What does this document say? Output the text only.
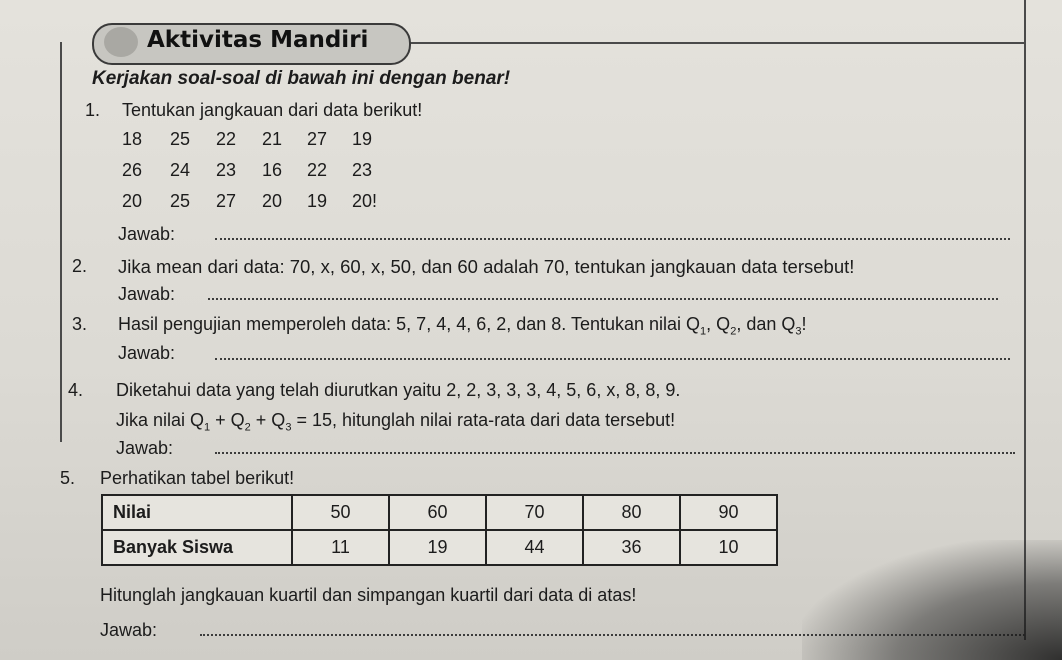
Aktivitas Mandiri
Kerjakan soal-soal di bawah ini dengan benar!
1. Tentukan jangkauan dari data berikut!
18 25 22 21 27 19
26 24 23 16 22 23
20 25 27 20 19 20!
Jawab:
2. Jika mean dari data: 70, x, 60, x, 50, dan 60 adalah 70, tentukan jangkauan data tersebut!
Jawab:
3. Hasil pengujian memperoleh data: 5, 7, 4, 4, 6, 2, dan 8. Tentukan nilai $Q_1$, $Q_2$, dan $Q_3$!
Jawab:
4. Diketahui data yang telah diurutkan yaitu 2, 2, 3, 3, 3, 4, 5, 6, x, 8, 8, 9.
Jika nilai $Q_1 + Q_2 + Q_3 = 15$, hitunglah nilai rata-rata dari data tersebut!
Jawab:
5. Perhatikan tabel berikut!
Nilai	50	60	70	80	90
Banyak Siswa	11	19	44	36	10
Hitunglah jangkauan kuartil dan simpangan kuartil dari data di atas!
Jawab:
